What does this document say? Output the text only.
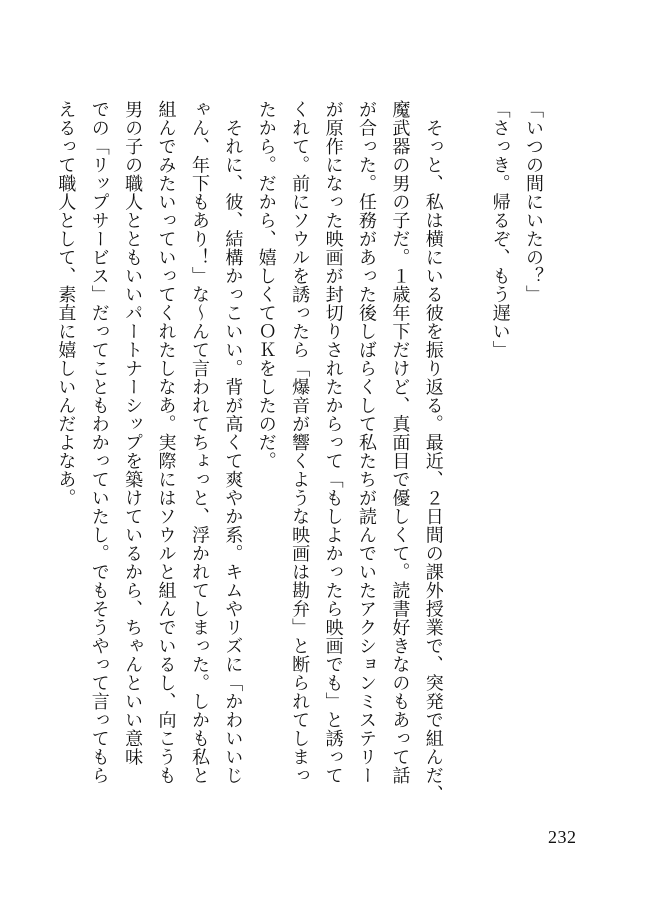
「いつの間にいたの？」
「さっき。帰るぞ、もう遅い」

　そっと、私は横にいる彼を振り返る。最近、２日間の課外授業で、突発で組んだ、
魔武器の男の子だ。１歳年下だけど、真面目で優しくて。読書好きなのもあって話
が合った。任務があった後しばらくして私たちが読んでいたアクションミステリー
が原作になった映画が封切りされたからって「もしよかったら映画でも」と誘って
くれて。前にソウルを誘ったら「爆音が響くような映画は勘弁」と断られてしまっ
たから。だから、嬉しくてＯＫをしたのだ。
　それに、彼、結構かっこいい。背が高くて爽やか系。キムやリズに「かわいいじ
ゃん、年下もあり！」な〜んて言われてちょっと、浮かれてしまった。しかも私と
組んでみたいっていってくれたしなあ。実際にはソウルと組んでいるし、向こうも
男の子の職人とともいいパートナーシップを築けているから、ちゃんといい意味
での「リップサービス」だってこともわかっていたし。でもそうやって言ってもら
えるって職人として、素直に嬉しいんだよなあ。
232
